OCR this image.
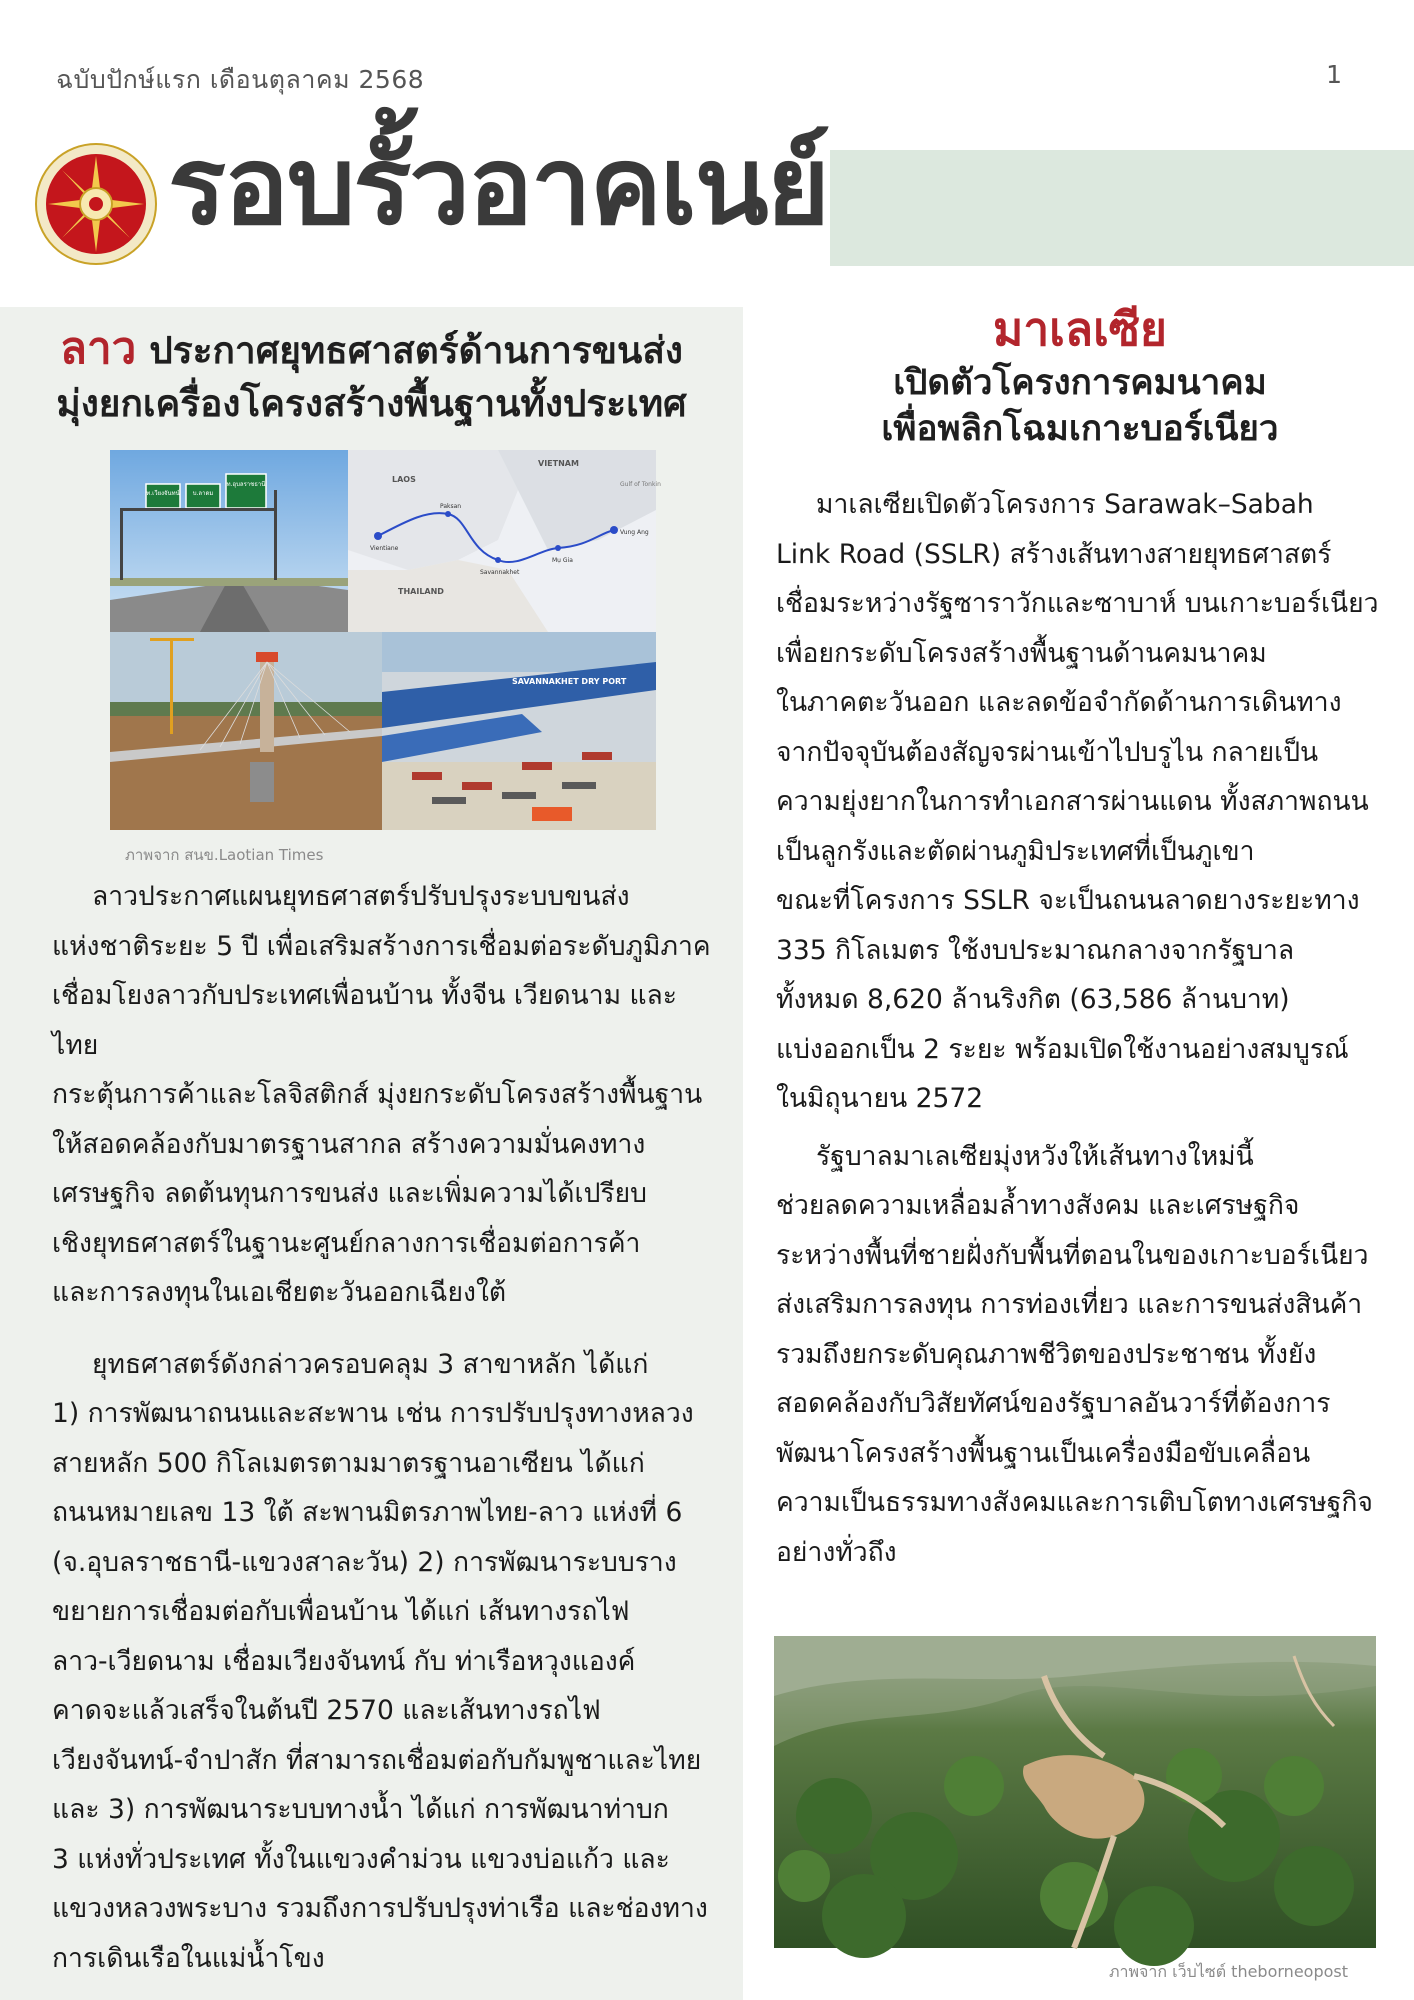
ฉบับปักษ์แรก เดือนตุลาคม 2568	1
รอบรั้วอาคเนย์
ลาว ประกาศยุทธศาสตร์ด้านการขนส่ง
มุ่งยกเครื่องโครงสร้างพื้นฐานทั้งประเทศ
ท.เวียงจันทน์ บ.ลาดม
ท.อุบลราชธานี
LAOS
VIETNAM
THAILAND
Gulf of Tonkin
Vientiane
Paksan
Savannakhet
Mụ Gia
Vung Ang
SAVANNAKHET DRY PORT
ภาพจาก สนข.Laotian Times

ลาวประกาศแผนยุทธศาสตร์ปรับปรุงระบบขนส่ง
แห่งชาติระยะ 5 ปี เพื่อเสริมสร้างการเชื่อมต่อระดับภูมิภาค
เชื่อมโยงลาวกับประเทศเพื่อนบ้าน ทั้งจีน เวียดนาม และไทย
กระตุ้นการค้าและโลจิสติกส์ มุ่งยกระดับโครงสร้างพื้นฐาน
ให้สอดคล้องกับมาตรฐานสากล สร้างความมั่นคงทาง
เศรษฐกิจ ลดต้นทุนการขนส่ง และเพิ่มความได้เปรียบ
เชิงยุทธศาสตร์ในฐานะศูนย์กลางการเชื่อมต่อการค้า
และการลงทุนในเอเชียตะวันออกเฉียงใต้

ยุทธศาสตร์ดังกล่าวครอบคลุม 3 สาขาหลัก ได้แก่
1) การพัฒนาถนนและสะพาน เช่น การปรับปรุงทางหลวง
สายหลัก 500 กิโลเมตรตามมาตรฐานอาเซียน ได้แก่
ถนนหมายเลข 13 ใต้ สะพานมิตรภาพไทย-ลาว แห่งที่ 6
(จ.อุบลราชธานี-แขวงสาละวัน) 2) การพัฒนาระบบราง
ขยายการเชื่อมต่อกับเพื่อนบ้าน ได้แก่ เส้นทางรถไฟ
ลาว-เวียดนาม เชื่อมเวียงจันทน์ กับ ท่าเรือหวุงแองค์
คาดจะแล้วเสร็จในต้นปี 2570 และเส้นทางรถไฟ
เวียงจันทน์-จำปาสัก ที่สามารถเชื่อมต่อกับกัมพูชาและไทย
และ 3) การพัฒนาระบบทางน้ำ ได้แก่ การพัฒนาท่าบก
3 แห่งทั่วประเทศ ทั้งในแขวงคำม่วน แขวงบ่อแก้ว และ
แขวงหลวงพระบาง รวมถึงการปรับปรุงท่าเรือ และช่องทาง
การเดินเรือในแม่น้ำโขง

มาเลเซีย
เปิดตัวโครงการคมนาคม
เพื่อพลิกโฉมเกาะบอร์เนียว

มาเลเซียเปิดตัวโครงการ Sarawak–Sabah
Link Road (SSLR) สร้างเส้นทางสายยุทธศาสตร์
เชื่อมระหว่างรัฐซาราวักและซาบาห์ บนเกาะบอร์เนียว
เพื่อยกระดับโครงสร้างพื้นฐานด้านคมนาคม
ในภาคตะวันออก และลดข้อจำกัดด้านการเดินทาง
จากปัจจุบันต้องสัญจรผ่านเข้าไปบรูไน กลายเป็น
ความยุ่งยากในการทำเอกสารผ่านแดน ทั้งสภาพถนน
เป็นลูกรังและตัดผ่านภูมิประเทศที่เป็นภูเขา
ขณะที่โครงการ SSLR จะเป็นถนนลาดยางระยะทาง
335 กิโลเมตร ใช้งบประมาณกลางจากรัฐบาล
ทั้งหมด 8,620 ล้านริงกิต (63,586 ล้านบาท)
แบ่งออกเป็น 2 ระยะ พร้อมเปิดใช้งานอย่างสมบูรณ์
ในมิถุนายน 2572

รัฐบาลมาเลเซียมุ่งหวังให้เส้นทางใหม่นี้
ช่วยลดความเหลื่อมล้ำทางสังคม และเศรษฐกิจ
ระหว่างพื้นที่ชายฝั่งกับพื้นที่ตอนในของเกาะบอร์เนียว
ส่งเสริมการลงทุน การท่องเที่ยว และการขนส่งสินค้า
รวมถึงยกระดับคุณภาพชีวิตของประชาชน ทั้งยัง
สอดคล้องกับวิสัยทัศน์ของรัฐบาลอันวาร์ที่ต้องการ
พัฒนาโครงสร้างพื้นฐานเป็นเครื่องมือขับเคลื่อน
ความเป็นธรรมทางสังคมและการเติบโตทางเศรษฐกิจ
อย่างทั่วถึง

ภาพจาก เว็บไซต์ theborneopost
